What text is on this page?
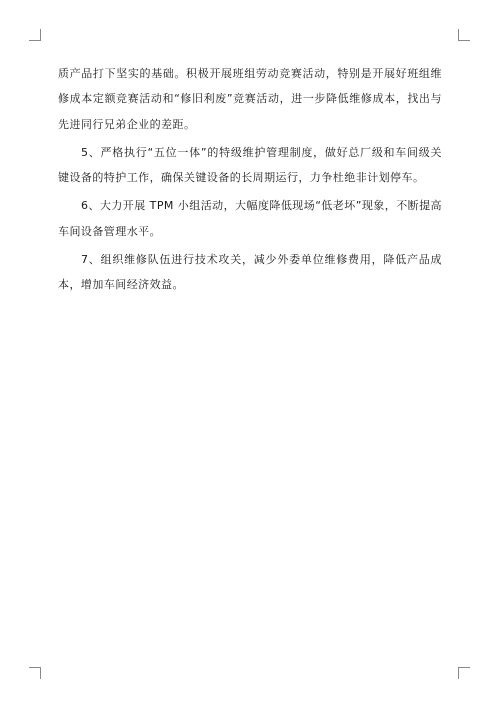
质产品打下坚实的基础。积极开展班组劳动竞赛活动，特别是开展好班组维修成本定额竞赛活动和“修旧利废”竞赛活动，进一步降低维修成本，找出与先进同行兄弟企业的差距。

5、严格执行“五位一体”的特级维护管理制度，做好总厂级和车间级关键设备的特护工作，确保关键设备的长周期运行，力争杜绝非计划停车。

6、大力开展 TPM 小组活动，大幅度降低现场“低老坏”现象，不断提高车间设备管理水平。

7、组织维修队伍进行技术攻关，减少外委单位维修费用，降低产品成本，增加车间经济效益。
